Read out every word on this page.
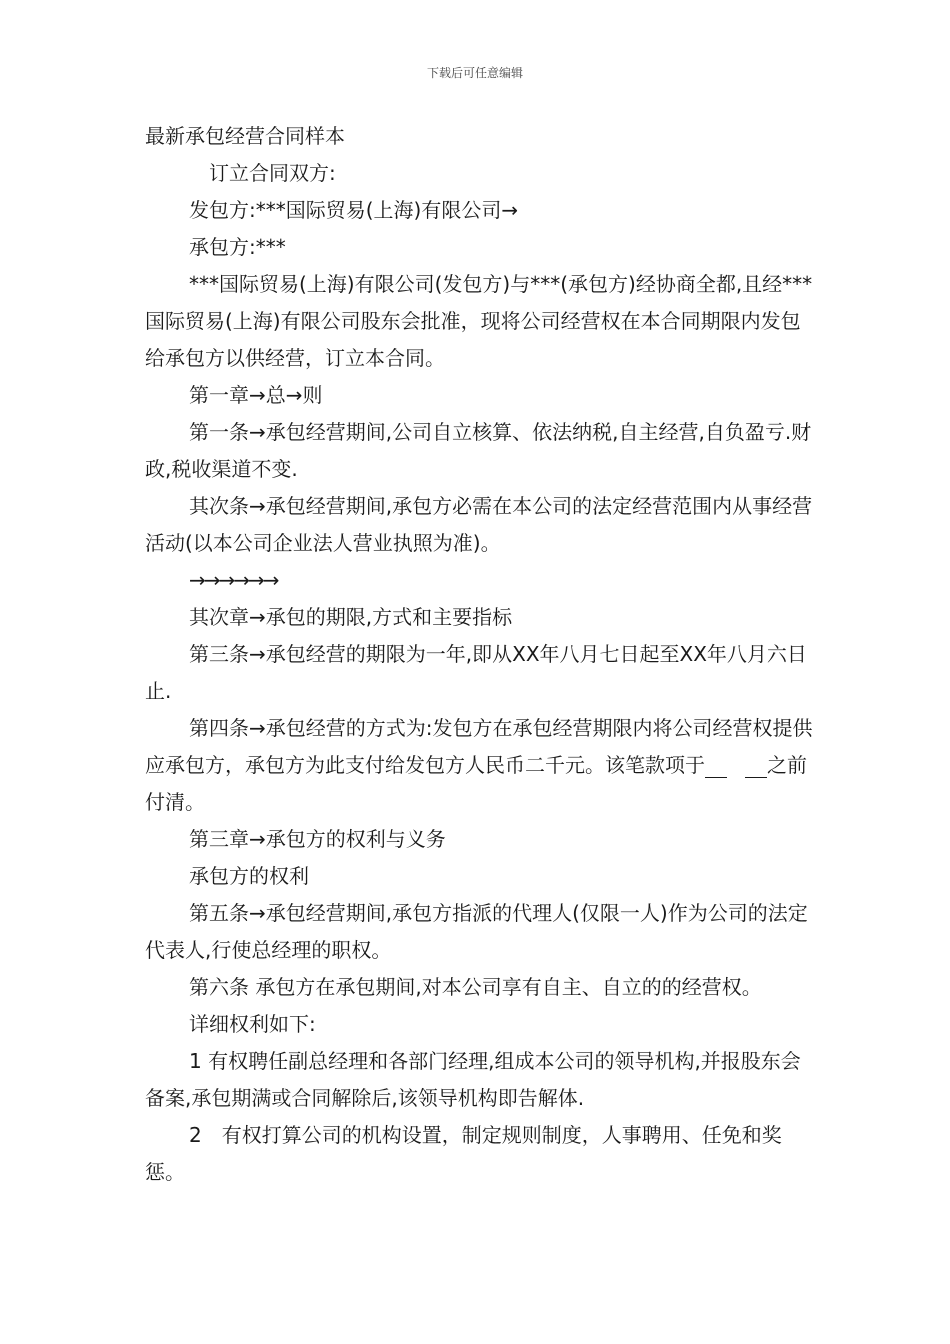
下载后可任意编辑

最新承包经营合同样本

订立合同双方:

发包方:***国际贸易(上海)有限公司→

承包方:***

***国际贸易(上海)有限公司(发包方)与***(承包方)经协商全都,且经***国际贸易(上海)有限公司股东会批准，现将公司经营权在本合同期限内发包给承包方以供经营，订立本合同。

第一章→总→则

第一条→承包经营期间,公司自立核算、依法纳税,自主经营,自负盈亏.财政,税收渠道不变.

其次条→承包经营期间,承包方必需在本公司的法定经营范围内从事经营活动(以本公司企业法人营业执照为准)。

→→→→→→

其次章→承包的期限,方式和主要指标

第三条→承包经营的期限为一年,即从XX年八月七日起至XX年八月六日止.

第四条→承包经营的方式为:发包方在承包经营期限内将公司经营权提供应承包方，承包方为此支付给发包方人民币二千元。该笔款项于	之前付清。

第三章→承包方的权利与义务

承包方的权利

第五条→承包经营期间,承包方指派的代理人(仅限一人)作为公司的法定代表人,行使总经理的职权。

第六条 承包方在承包期间,对本公司享有自主、自立的的经营权。

详细权利如下:

1 有权聘任副总经理和各部门经理,组成本公司的领导机构,并报股东会备案,承包期满或合同解除后,该领导机构即告解体.

2　有权打算公司的机构设置，制定规则制度，人事聘用、任免和奖惩。
